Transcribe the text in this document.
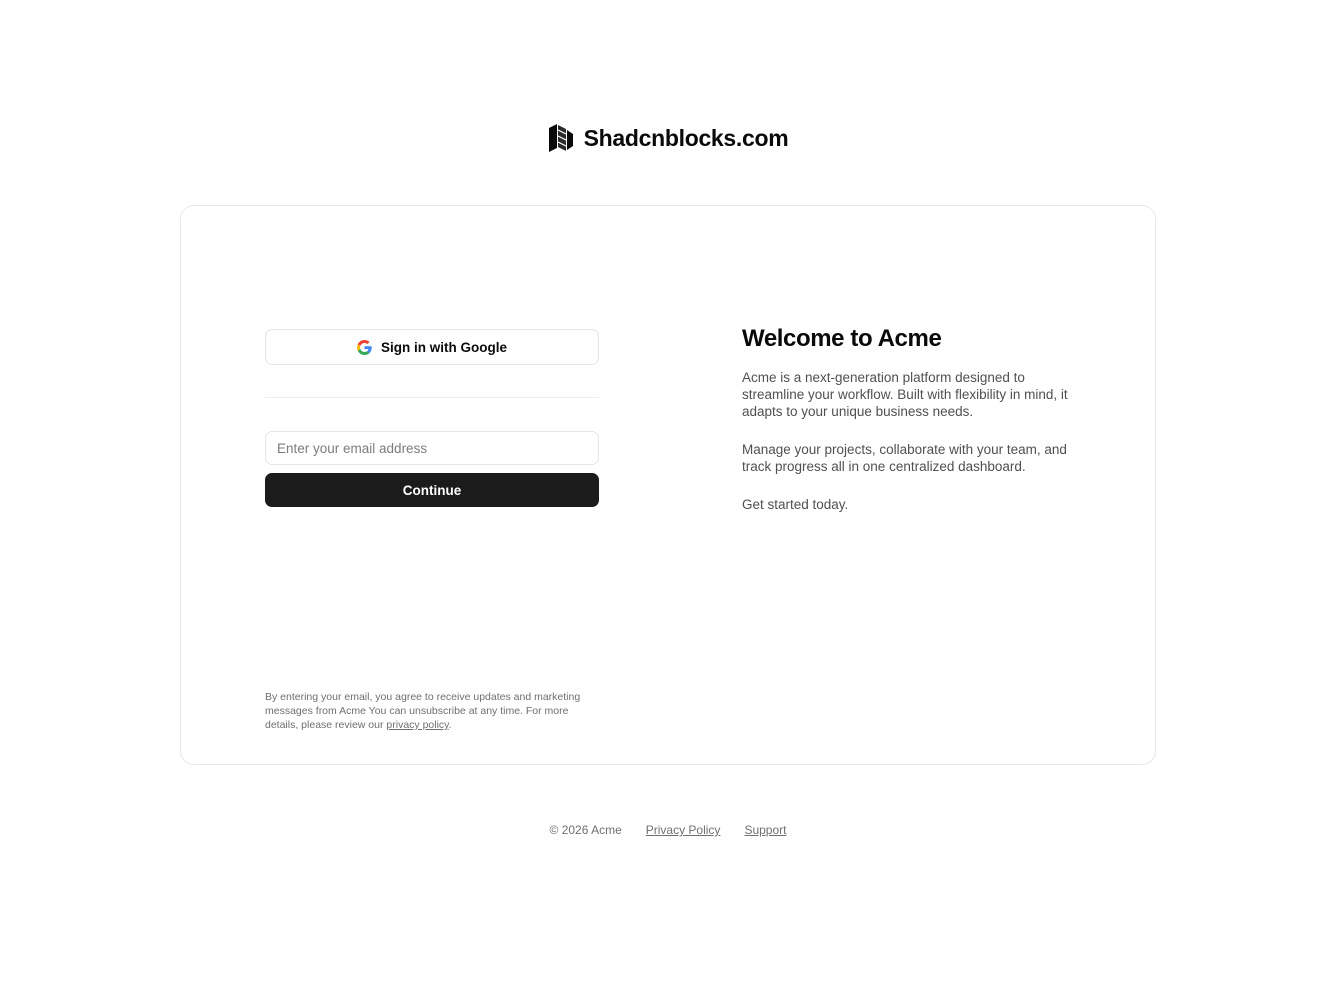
Shadcnblocks.com
Sign in with Google
Enter your email address Continue
By entering your email, you agree to receive updates and marketing messages from Acme You can unsubscribe at any time. For more details, please review our privacy policy.
Welcome to Acme

Acme is a next-generation platform designed to streamline your workflow. Built with flexibility in mind, it adapts to your unique business needs.

Manage your projects, collaborate with your team, and track progress all in one centralized dashboard.

Get started today.

© 2026 Acme Privacy Policy Support
